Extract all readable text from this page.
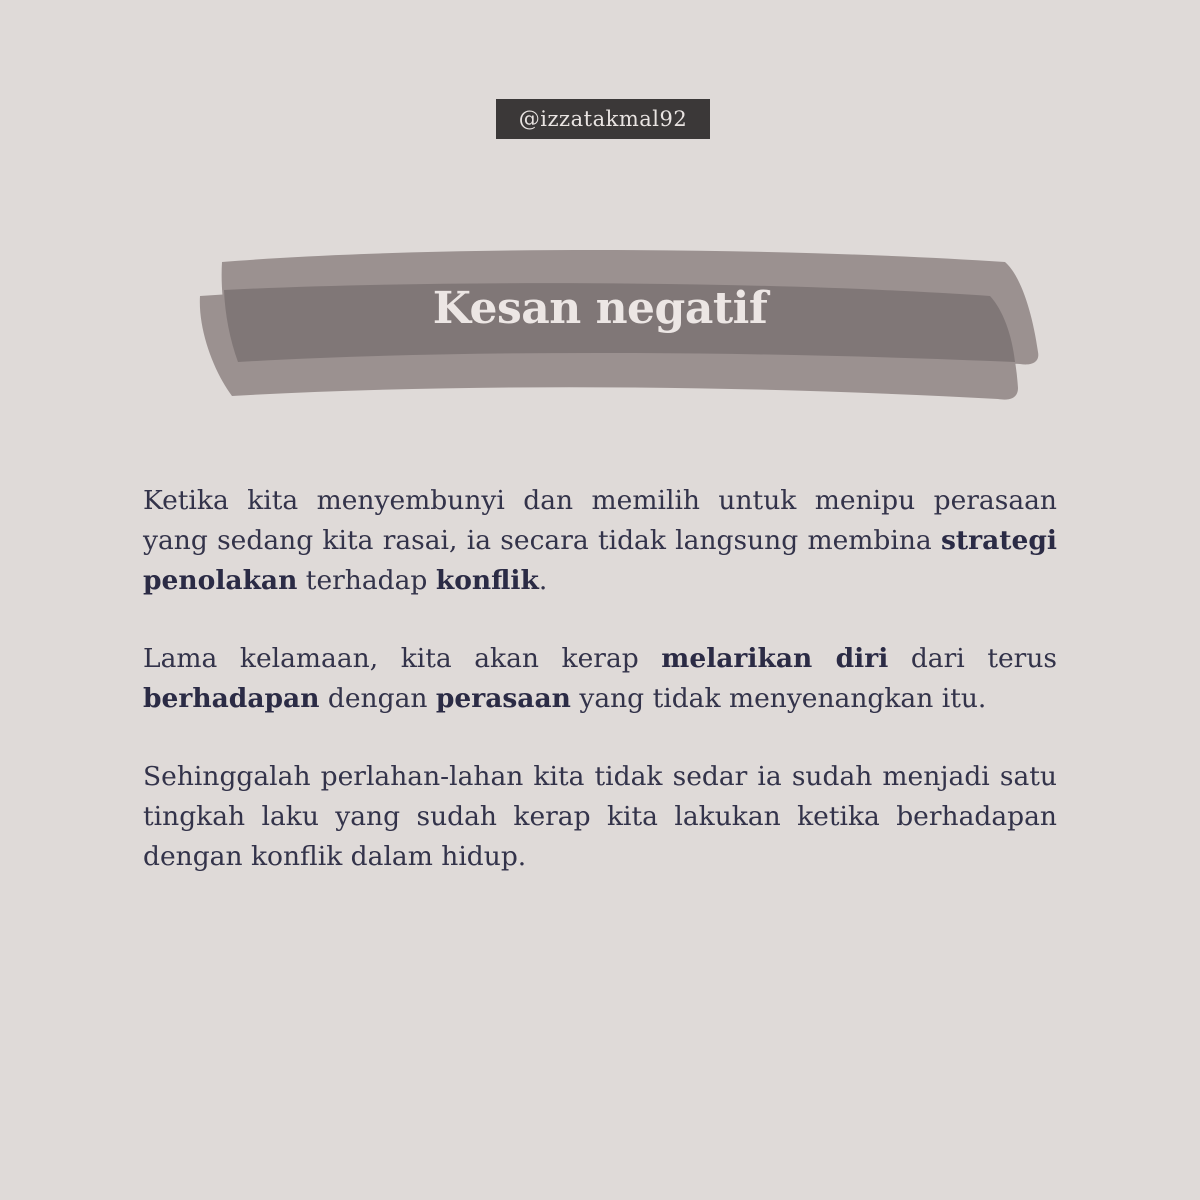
@izzatakmal92
Kesan negatif

Ketika kita menyembunyi dan memilih untuk menipu perasaan yang sedang kita rasai, ia secara tidak langsung membina strategi penolakan terhadap konflik.

Lama kelamaan, kita akan kerap melarikan diri dari terus berhadapan dengan perasaan yang tidak menyenangkan itu.

Sehinggalah perlahan-lahan kita tidak sedar ia sudah menjadi satu tingkah laku yang sudah kerap kita lakukan ketika berhadapan dengan konflik dalam hidup.
